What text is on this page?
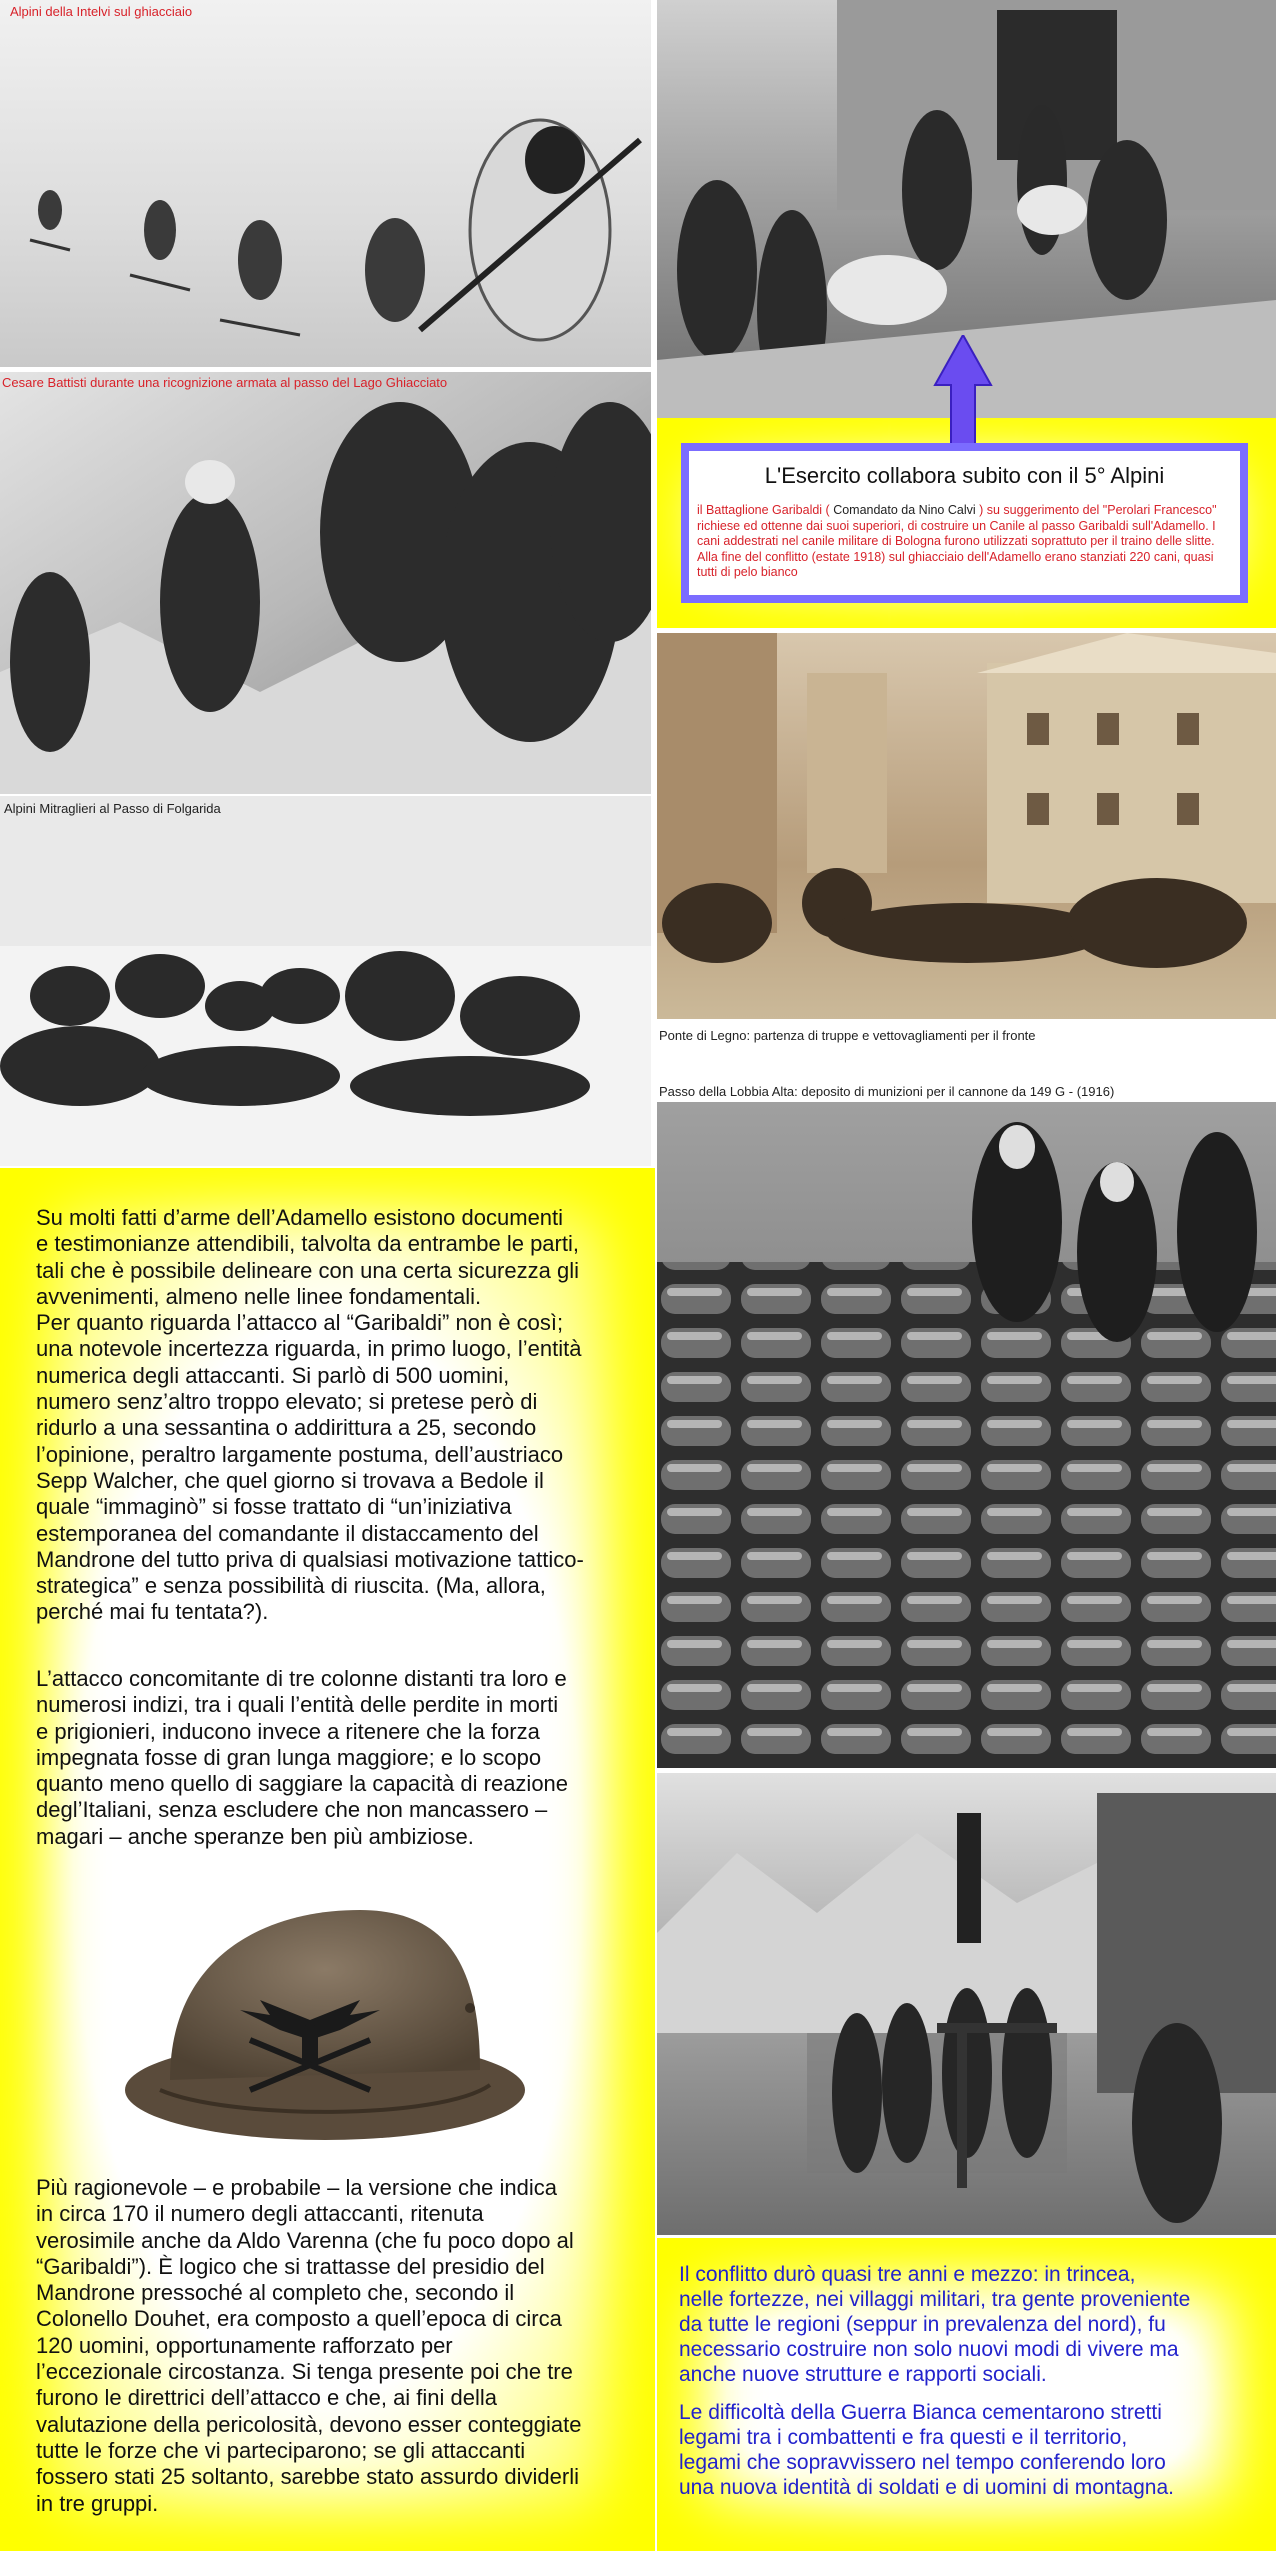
Alpini della Intelvi sul ghiacciaio
Cesare Battisti durante una ricognizione armata al passo del Lago Ghiacciato
Alpini Mitraglieri al Passo di Folgarida
L'Esercito collabora subito con il 5° Alpini
il Battaglione Garibaldi ( Comandato da Nino Calvi ) su suggerimento del "Perolari Francesco" richiese ed ottenne dai suoi superiori, di costruire un Canile al passo Garibaldi sull'Adamello. I cani addestrati nel canile militare di Bologna furono utilizzati soprattuto per il traino delle slitte. Alla fine del conflitto (estate 1918) sul ghiacciaio dell'Adamello erano stanziati 220 cani, quasi tutti di pelo bianco
Ponte di Legno: partenza di truppe e vettovagliamenti per il fronte
Passo della Lobbia Alta: deposito di munizioni per il cannone da 149 G - (1916)
Su molti fatti d’arme dell’Adamello esistono documenti
e testimonianze attendibili, talvolta da entrambe le parti,
tali che è possibile delineare con una certa sicurezza gli
avvenimenti, almeno nelle linee fondamentali.
Per quanto riguarda l’attacco al “Garibaldi” non è così;
una notevole incertezza riguarda, in primo luogo, l’entità
numerica degli attaccanti. Si parlò di 500 uomini,
numero senz’altro troppo elevato; si pretese però di
ridurlo a una sessantina o addirittura a 25, secondo
l’opinione, peraltro largamente postuma, dell’austriaco
Sepp Walcher, che quel giorno si trovava a Bedole il
quale “immaginò” si fosse trattato di “un’iniziativa
estemporanea del comandante il distaccamento del
Mandrone del tutto priva di qualsiasi motivazione tattico-
strategica” e senza possibilità di riuscita. (Ma, allora,
perché mai fu tentata?).
L’attacco concomitante di tre colonne distanti tra loro e
numerosi indizi, tra i quali l’entità delle perdite in morti
e prigionieri, inducono invece a ritenere che la forza
impegnata fosse di gran lunga maggiore; e lo scopo
quanto meno quello di saggiare la capacità di reazione
degl’Italiani, senza escludere che non mancassero –
magari – anche speranze ben più ambiziose.
Più ragionevole – e probabile – la versione che indica
in circa 170 il numero degli attaccanti, ritenuta
verosimile anche da Aldo Varenna (che fu poco dopo al
“Garibaldi”). È logico che si trattasse del presidio del
Mandrone pressoché al completo che, secondo il
Colonello Douhet, era composto a quell’epoca di circa
120 uomini, opportunamente rafforzato per
l’eccezionale circostanza. Si tenga presente poi che tre
furono le direttrici dell’attacco e che, ai fini della
valutazione della pericolosità, devono esser conteggiate
tutte le forze che vi parteciparono; se gli attaccanti
fossero stati 25 soltanto, sarebbe stato assurdo dividerli
in tre gruppi.
Il conflitto durò quasi tre anni e mezzo: in trincea,
nelle fortezze, nei villaggi militari, tra gente proveniente
da tutte le regioni (seppur in prevalenza del nord), fu
necessario costruire non solo nuovi modi di vivere ma
anche nuove strutture e rapporti sociali.
Le difficoltà della Guerra Bianca cementarono stretti
legami tra i combattenti e fra questi e il territorio,
legami che sopravvissero nel tempo conferendo loro
una nuova identità di soldati e di uomini di montagna.
